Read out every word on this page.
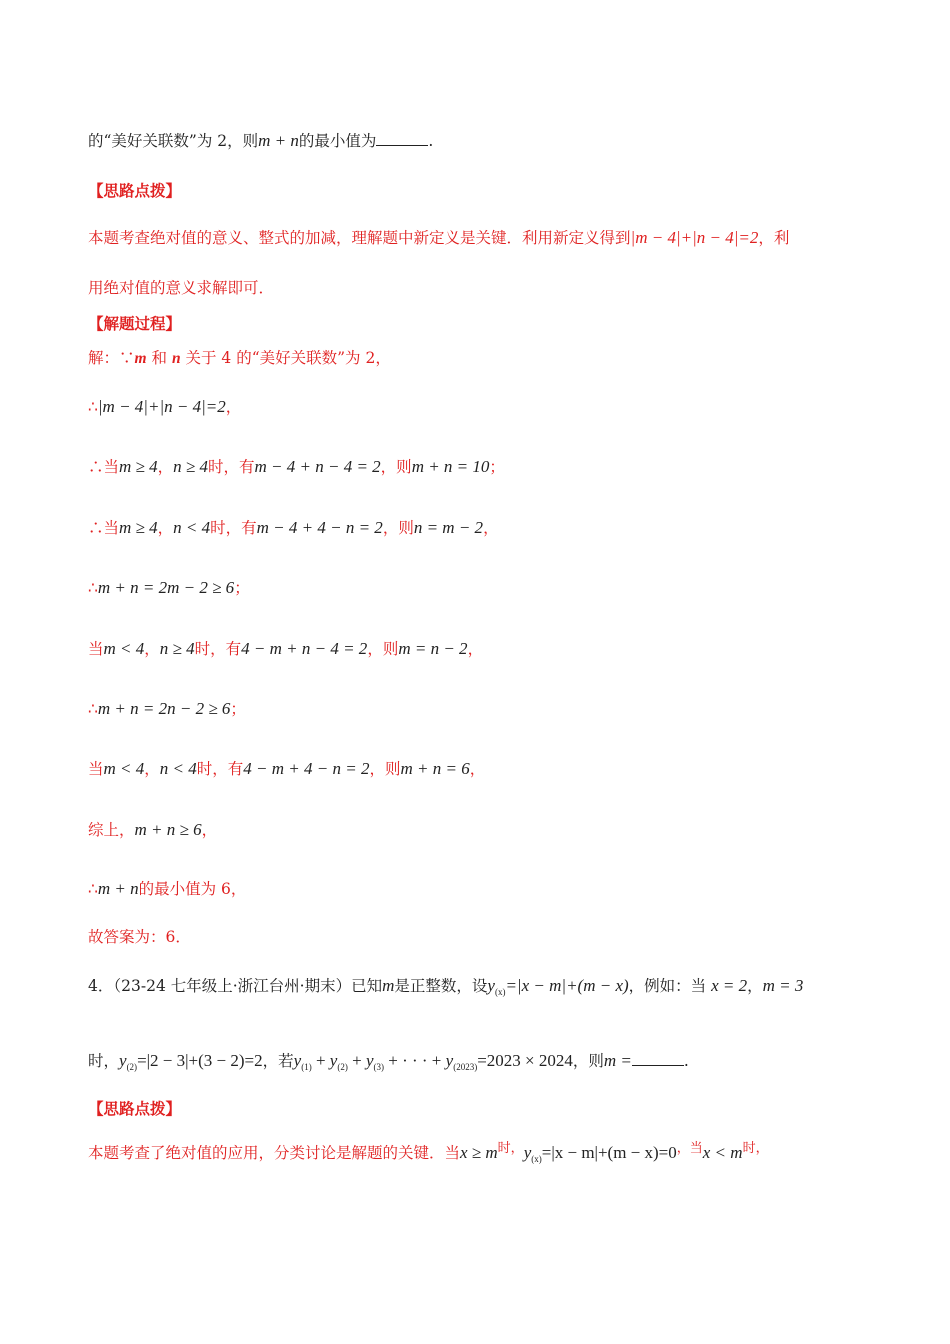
的“美好关联数”为 2，则m + n的最小值为	.
【思路点拨】
本题考查绝对值的意义、整式的加减，理解题中新定义是关键．利用新定义得到|m − 4|+|n − 4|=2，利
用绝对值的意义求解即可．
【解题过程】
解：∵m 和 n 关于 4 的“美好关联数”为 2，
∴|m − 4|+|n − 4|=2，
∴当m ≥ 4，n ≥ 4时，有m − 4 + n − 4 = 2，则m + n = 10；
∴当m ≥ 4，n < 4时，有m − 4 + 4 − n = 2，则n = m − 2，
∴m + n = 2m − 2 ≥ 6；
当m < 4，n ≥ 4时，有4 − m + n − 4 = 2，则m = n − 2，
∴m + n = 2n − 2 ≥ 6；
当m < 4，n < 4时，有4 − m + 4 − n = 2，则m + n = 6，
综上，m + n ≥ 6，
∴m + n的最小值为 6，
故答案为：6．
4．（23-24 七年级上·浙江台州·期末）已知m是正整数，设$y_{(x)}=|x - m|+(m - x)$，例如：当 x = 2，m = 3
时，$y_{(2)}=|2 - 3|+(3 - 2)=2$，若$y_{(1)} + y_{(2)} + y_{(3)}$ + · · · + $y_{(2023)}=2023 \times 2024$，则m =	.
【思路点拨】
本题考查了绝对值的应用，分类讨论是解题的关键．当$x \ge m^{时,}y_{(x)}=|x - m|+(m - x)=0^{,当}x < m^{时,}$
